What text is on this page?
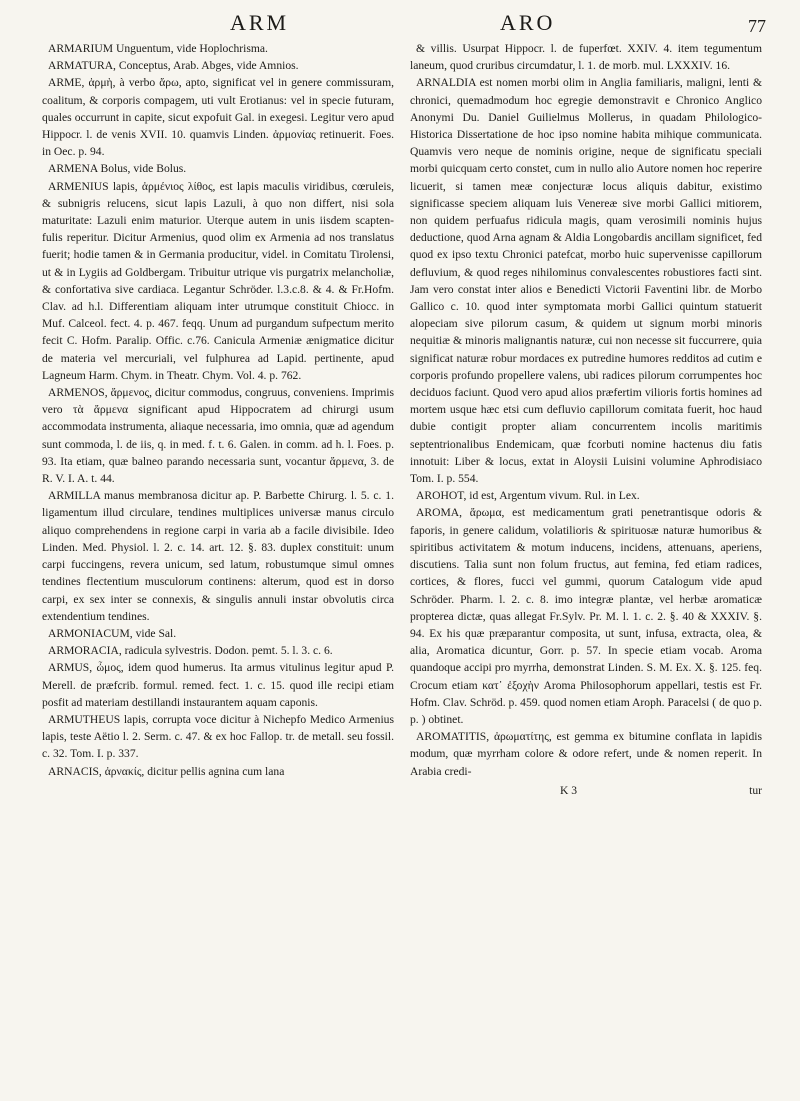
ARM	ARO	77

ARMARIUM Unguentum, vide Hoplochrisma.

ARMATURA, Conceptus, Arab. Abges, vide Amnios.

ARME, ἁρμὴ, à verbo ἄρω, apto, significat vel in genere commissuram, coalitum, & corporis compagem, uti vult Erotianus: vel in specie futuram, quales occurrunt in capite, sicut expofuit Gal. in exegesi. Legitur vero apud Hippocr. l. de venis XVII. 10. quamvis Linden. ἁρμονίας retinuerit. Foes. in Oec. p. 94.

ARMENA Bolus, vide Bolus.

ARMENIUS lapis, ἀρμένιος λίθος, est lapis maculis viridibus, cœruleis, & subnigris relucens, sicut lapis Lazuli, à quo non differt, nisi sola maturitate: Lazuli enim maturior. Uterque autem in unis iisdem scapten-fulis reperitur. Dicitur Armenius, quod olim ex Armenia ad nos translatus fuerit; hodie tamen & in Germania producitur, videl. in Comitatu Tirolensi, ut & in Lygiis ad Goldbergam. Tribuitur utrique vis purgatrix melancholiæ, & confortativa sive cardiaca. Legantur Schröder. l.3.c.8. & 4. & Fr.Hofm. Clav. ad h.l. Differentiam aliquam inter utrumque constituit Chiocc. in Muf. Calceol. fect. 4. p. 467. feqq. Unum ad purgandum sufpectum merito fecit C. Hofm. Paralip. Offic. c.76. Canicula Armeniæ ænigmatice dicitur de materia vel mercuriali, vel fulphurea ad Lapid. pertinente, apud Lagneum Harm. Chym. in Theatr. Chym. Vol. 4. p. 762.

ARMENOS, ἄρμενος, dicitur commodus, congruus, conveniens. Imprimis vero τὰ ἄρμενα significant apud Hippocratem ad chirurgi usum accommodata instrumenta, aliaque necessaria, imo omnia, quæ ad agendum sunt commoda, l. de iis, q. in med. f. t. 6. Galen. in comm. ad h. l. Foes. p. 93. Ita etiam, quæ balneo parando necessaria sunt, vocantur ἄρμενα, 3. de R. V. I. A. t. 44.

ARMILLA manus membranosa dicitur ap. P. Barbette Chirurg. l. 5. c. 1. ligamentum illud circulare, tendines multiplices universæ manus circulo aliquo comprehendens in regione carpi in varia ab a facile divisibile. Ideo Linden. Med. Physiol. l. 2. c. 14. art. 12. §. 83. duplex constituit: unum carpi fuccingens, revera unicum, sed latum, robustumque simul omnes tendines flectentium musculorum continens: alterum, quod est in dorso carpi, ex sex inter se connexis, & singulis annuli instar obvolutis circa extendentium tendines.

ARMONIACUM, vide Sal.

ARMORACIA, radicula sylvestris. Dodon. pemt. 5. l. 3. c. 6.

ARMUS, ὦμος, idem quod humerus. Ita armus vitulinus legitur apud P. Merell. de præfcrib. formul. remed. fect. 1. c. 15. quod ille recipi etiam posfit ad materiam destillandi instaurantem aquam caponis.

ARMUTHEUS lapis, corrupta voce dicitur à Nichepfo Medico Armenius lapis, teste Aëtio l. 2. Serm. c. 47. & ex hoc Fallop. tr. de metall. seu fossil. c. 32. Tom. I. p. 337.

ARNACIS, ἀρνακίς, dicitur pellis agnina cum lana

& villis. Usurpat Hippocr. l. de fuperfœt. XXIV. 4. item tegumentum laneum, quod cruribus circumdatur, l. 1. de morb. mul. LXXXIV. 16.

ARNALDIA est nomen morbi olim in Anglia familiaris, maligni, lenti & chronici, quemadmodum hoc egregie demonstravit e Chronico Anglico Anonymi Du. Daniel Guilielmus Mollerus, in quadam Philologico-Historica Dissertatione de hoc ipso nomine habita mihique communicata. Quamvis vero neque de nominis origine, neque de significatu speciali morbi quicquam certo constet, cum in nullo alio Autore nomen hoc reperire licuerit, si tamen meæ conjecturæ locus aliquis dabitur, existimo significasse speciem aliquam luis Venereæ sive morbi Gallici mitiorem, non quidem perfuafus ridicula magis, quam verosimili nominis hujus deductione, quod Arna agnam & Aldia Longobardis ancillam significet, fed quod ex ipso textu Chronici patefcat, morbo huic supervenisse capillorum defluvium, & quod reges nihilominus convalescentes robustiores facti sint. Jam vero constat inter alios e Benedicti Victorii Faventini libr. de Morbo Gallico c. 10. quod inter symptomata morbi Gallici quintum statuerit alopeciam sive pilorum casum, & quidem ut signum morbi minoris nequitiæ & minoris malignantis naturæ, cui non necesse sit fuccurrere, quia significat naturæ robur mordaces ex putredine humores redditos ad cutim e corporis profundo propellere valens, ubi radices pilorum corrumpentes hoc deciduos faciunt. Quod vero apud alios præfertim vilioris fortis homines ad mortem usque hæc etsi cum defluvio capillorum comitata fuerit, hoc haud dubie contigit propter aliam concurrentem incolis maritimis septentrionalibus Endemicam, quæ fcorbuti nomine hactenus diu fatis innotuit: Liber & locus, extat in Aloysii Luisini volumine Aphrodisiaco Tom. I. p. 554.

AROHOT, id est, Argentum vivum. Rul. in Lex.

AROMA, ἄρωμα, est medicamentum grati penetrantisque odoris & faporis, in genere calidum, volatilioris & spirituosæ naturæ humoribus & spiritibus activitatem & motum inducens, incidens, attenuans, aperiens, discutiens. Talia sunt non folum fructus, aut femina, fed etiam radices, cortices, & flores, fucci vel gummi, quorum Catalogum vide apud Schröder. Pharm. l. 2. c. 8. imo integræ plantæ, vel herbæ aromaticæ propterea dictæ, quas allegat Fr.Sylv. Pr. M. l. 1. c. 2. §. 40 & XXXIV. §. 94. Ex his quæ præparantur composita, ut sunt, infusa, extracta, olea, & alia, Aromatica dicuntur, Gorr. p. 57. In specie etiam vocab. Aroma quandoque accipi pro myrrha, demonstrat Linden. S. M. Ex. X. §. 125. feq. Crocum etiam κατ᾽ ἐξοχὴν Aroma Philosophorum appellari, testis est Fr. Hofm. Clav. Schröd. p. 459. quod nomen etiam Aroph. Paracelsi ( de quo p. p. ) obtinet.

AROMATITIS, ἀρωματίτης, est gemma ex bituminе conflata in lapidis modum, quæ myrrham colore & odore refert, unde & nomen reperit. In Arabia credi-

K 3	tur
